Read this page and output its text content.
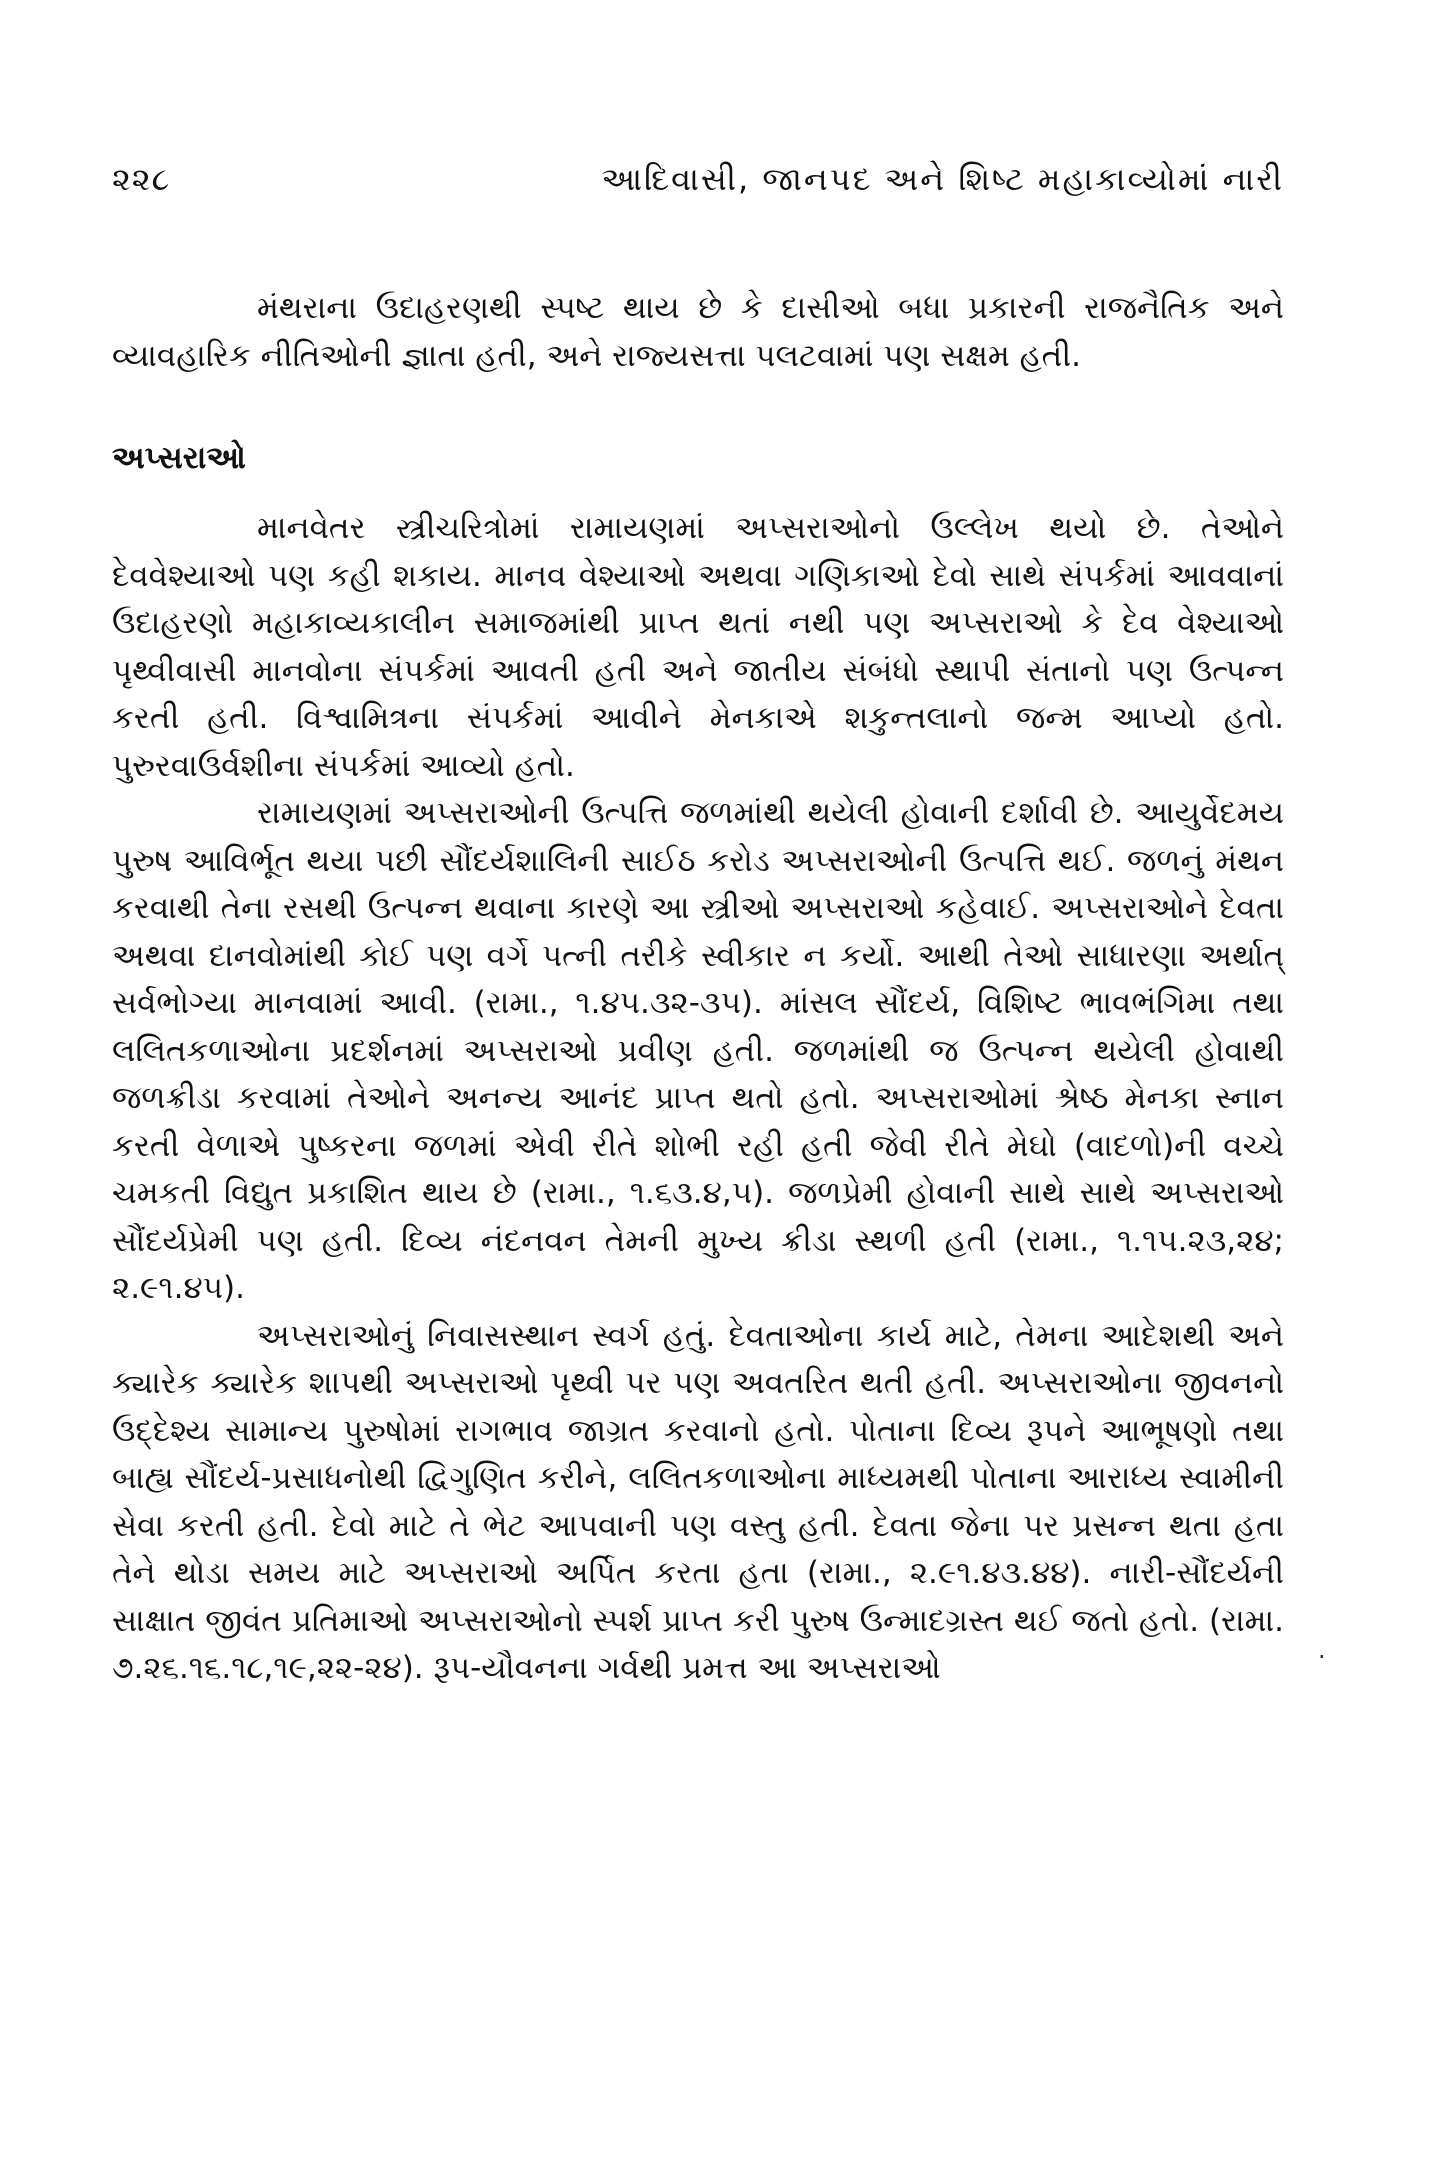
૨૨૮	આદિવાસી, જાનપદ અને શિષ્ટ મહાકાવ્યોમાં નારી

મંથરાના ઉદાહરણથી સ્પષ્ટ થાય છે કે દાસીઓ બધા પ્રકારની રાજનૈતિક અને વ્યાવહારિક નીતિઓની જ્ઞાતા હતી, અને રાજ્યસત્તા પલટવામાં પણ સક્ષમ હતી.

અપ્સરાઓ

માનવેતર સ્ત્રીચરિત્રોમાં રામાયણમાં અપ્સરાઓનો ઉલ્લેખ થયો છે. તેઓને દેવવેશ્યાઓ પણ કહી શકાય. માનવ વેશ્યાઓ અથવા ગણિકાઓ દેવો સાથે સંપર્કમાં આવવાનાં ઉદાહરણો મહાકાવ્યકાલીન સમાજમાંથી પ્રાપ્ત થતાં નથી પણ અપ્સરાઓ કે દેવ વેશ્યાઓ પૃથ્વીવાસી માનવોના સંપર્કમાં આવતી હતી અને જાતીય સંબંધો સ્થાપી સંતાનો પણ ઉત્પન્ન કરતી હતી. વિશ્વામિત્રના સંપર્કમાં આવીને મેનકાએ શકુન્તલાનો જન્મ આપ્યો હતો. પુરુરવાઉર્વશીના સંપર્કમાં આવ્યો હતો.

રામાયણમાં અપ્સરાઓની ઉત્પત્તિ જળમાંથી થયેલી હોવાની દર્શાવી છે. આયુર્વેદમય પુરુષ આવિર્ભૂત થયા પછી સૌંદર્યશાલિની સાઈઠ કરોડ અપ્સરાઓની ઉત્પત્તિ થઈ. જળનું મંથન કરવાથી તેના રસથી ઉત્પન્ન થવાના કારણે આ સ્ત્રીઓ અપ્સરાઓ કહેવાઈ. અપ્સરાઓને દેવતા અથવા દાનવોમાંથી કોઈ પણ વર્ગે પત્ની તરીકે સ્વીકાર ન કર્યો. આથી તેઓ સાધારણા અર્થાત્ સર્વભોગ્યા માનવામાં આવી. (રામા., ૧.૪૫.૩૨-૩૫). માંસલ સૌંદર્ય, વિશિષ્ટ ભાવભંગિમા તથા લલિતકળાઓના પ્રદર્શનમાં અપ્સરાઓ પ્રવીણ હતી. જળમાંથી જ ઉત્પન્ન થયેલી હોવાથી જળક્રીડા કરવામાં તેઓને અનન્ય આનંદ પ્રાપ્ત થતો હતો. અપ્સરાઓમાં શ્રેષ્ઠ મેનકા સ્નાન કરતી વેળાએ પુષ્કરના જળમાં એવી રીતે શોભી રહી હતી જેવી રીતે મેઘો (વાદળો)ની વચ્ચે ચમકતી વિદ્યુત પ્રકાશિત થાય છે (રામા., ૧.૬૩.૪,૫). જળપ્રેમી હોવાની સાથે સાથે અપ્સરાઓ સૌંદર્યપ્રેમી પણ હતી. દિવ્ય નંદનવન તેમની મુખ્ય ક્રીડા સ્થળી હતી (રામા., ૧.૧૫.૨૩,૨૪; ૨.૯૧.૪૫).

અપ્સરાઓનું નિવાસસ્થાન સ્વર્ગ હતું. દેવતાઓના કાર્ય માટે, તેમના આદેશથી અને ક્યારેક ક્યારેક શાપથી અપ્સરાઓ પૃથ્વી પર પણ અવતરિત થતી હતી. અપ્સરાઓના જીવનનો ઉદ્દેશ્ય સામાન્ય પુરુષોમાં રાગભાવ જાગ્રત કરવાનો હતો. પોતાના દિવ્ય રૂપને આભૂષણો તથા બાહ્ય સૌંદર્ય-પ્રસાધનોથી દ્વિગુણિત કરીને, લલિતકળાઓના માધ્યમથી પોતાના આરાધ્ય સ્વામીની સેવા કરતી હતી. દેવો માટે તે ભેટ આપવાની પણ વસ્તુ હતી. દેવતા જેના પર પ્રસન્ન થતા હતા તેને થોડા સમય માટે અપ્સરાઓ અર્પિત કરતા હતા (રામા., ૨.૯૧.૪૩.૪૪). નારી-સૌંદર્યની સાક્ષાત જીવંત પ્રતિમાઓ અપ્સરાઓનો સ્પર્શ પ્રાપ્ત કરી પુરુષ ઉન્માદગ્રસ્ત થઈ જતો હતો. (રામા. ૭.૨૬.૧૬.૧૮,૧૯,૨૨-૨૪). રૂપ-યૌવનના ગર્વથી પ્રમત્ત આ અપ્સરાઓ	·
